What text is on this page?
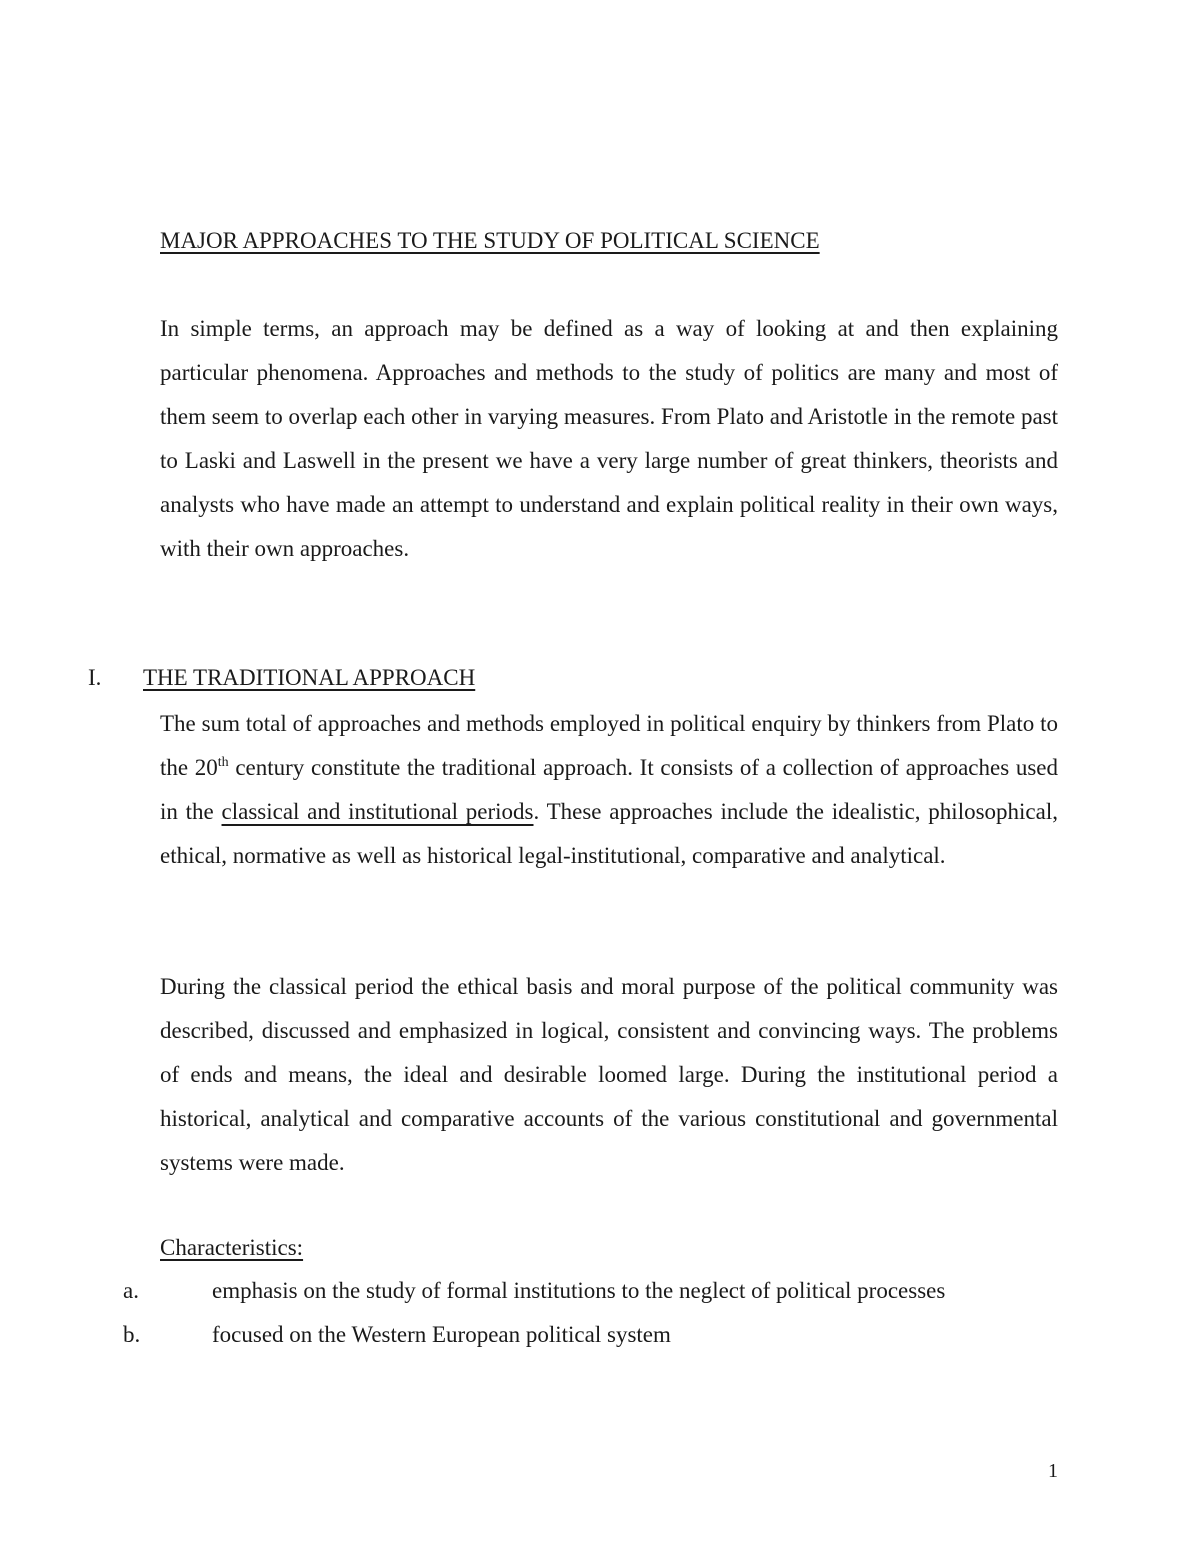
MAJOR APPROACHES TO THE STUDY OF POLITICAL SCIENCE
In simple terms, an approach may be defined as a way of looking at and then explaining particular phenomena. Approaches and methods to the study of politics are many and most of them seem to overlap each other in varying measures. From Plato and Aristotle in the remote past to Laski and Laswell in the present we have a very large number of great thinkers, theorists and analysts who have made an attempt to understand and explain political reality in their own ways, with their own approaches.
I. THE TRADITIONAL APPROACH
The sum total of approaches and methods employed in political enquiry by thinkers from Plato to the 20th century constitute the traditional approach. It consists of a collection of approaches used in the classical and institutional periods. These approaches include the idealistic, philosophical, ethical, normative as well as historical legal-institutional, comparative and analytical.
During the classical period the ethical basis and moral purpose of the political community was described, discussed and emphasized in logical, consistent and convincing ways. The problems of ends and means, the ideal and desirable loomed large. During the institutional period a historical, analytical and comparative accounts of the various constitutional and governmental systems were made.
Characteristics:
a.	emphasis on the study of formal institutions to the neglect of political processes
b.	focused on the Western European political system
1
